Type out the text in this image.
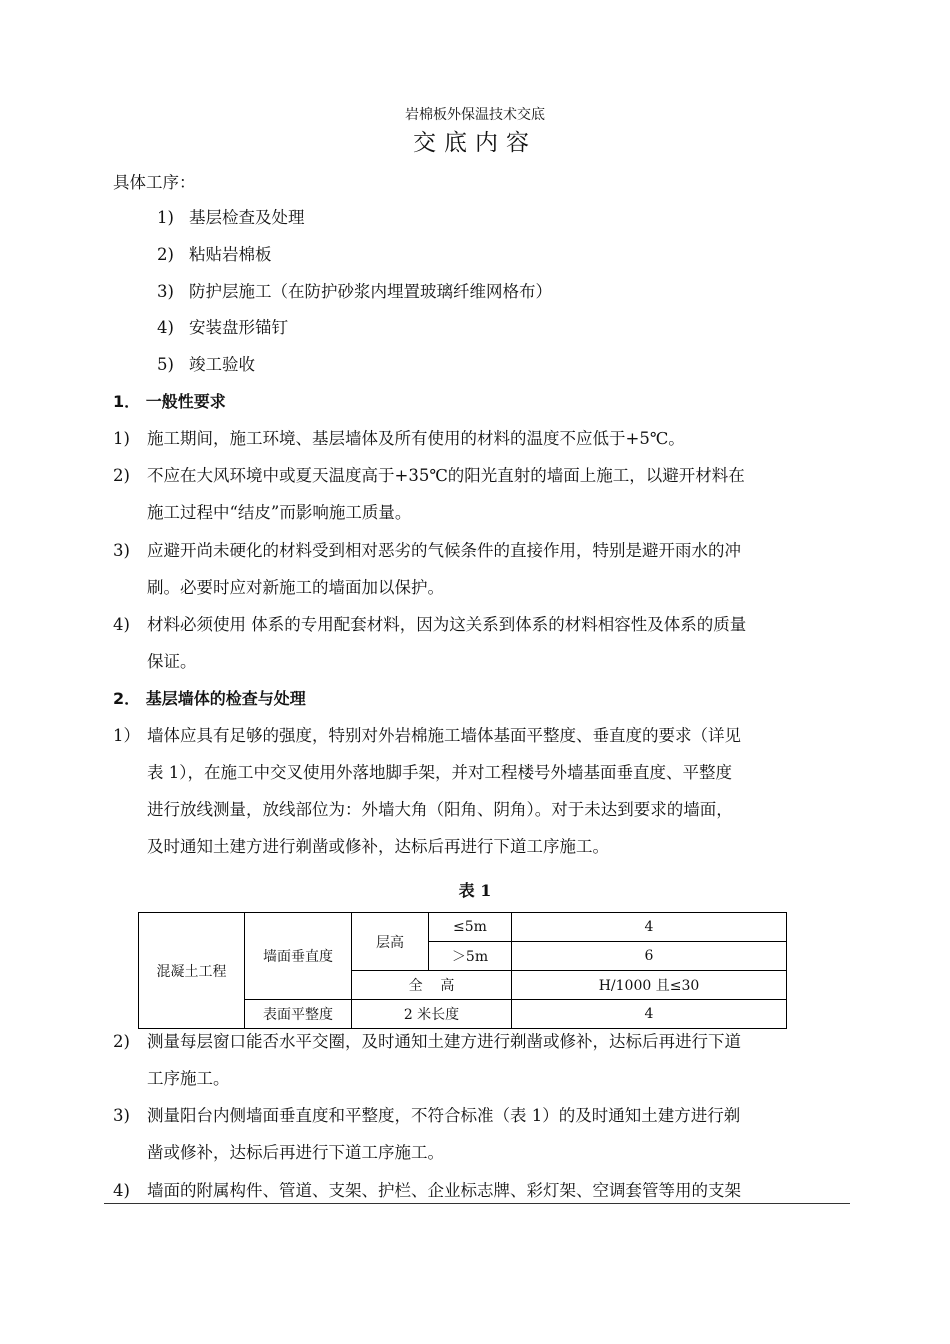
岩棉板外保温技术交底
交底内容
具体工序：
1) 基层检查及处理
2) 粘贴岩棉板
3) 防护层施工（在防护砂浆内埋置玻璃纤维网格布）
4) 安装盘形锚钉
5) 竣工验收
1． 一般性要求
1) 施工期间，施工环境、基层墙体及所有使用的材料的温度不应低于+5℃。
2) 不应在大风环境中或夏天温度高于+35℃的阳光直射的墙面上施工，以避开材料在
施工过程中“结皮”而影响施工质量。
3) 应避开尚未硬化的材料受到相对恶劣的气候条件的直接作用，特别是避开雨水的冲
刷。必要时应对新施工的墙面加以保护。
4) 材料必须使用 体系的专用配套材料，因为这关系到体系的材料相容性及体系的质量
保证。
2． 基层墙体的检查与处理
1） 墙体应具有足够的强度，特别对外岩棉施工墙体基面平整度、垂直度的要求（详见
表 1），在施工中交叉使用外落地脚手架，并对工程楼号外墙基面垂直度、平整度
进行放线测量，放线部位为：外墙大角（阳角、阴角）。对于未达到要求的墙面，
及时通知土建方进行剃凿或修补，达标后再进行下道工序施工。
表 1
混凝土工程	墙面垂直度	层高	≤5m	4
			＞5m	6
		全    高		H/1000 且≤30
	表面平整度	2 米长度		4
2) 测量每层窗口能否水平交圈，及时通知土建方进行剃凿或修补，达标后再进行下道
工序施工。
3) 测量阳台内侧墙面垂直度和平整度，不符合标准（表 1）的及时通知土建方进行剃
凿或修补，达标后再进行下道工序施工。
4) 墙面的附属构件、管道、支架、护栏、企业标志牌、彩灯架、空调套管等用的支架
